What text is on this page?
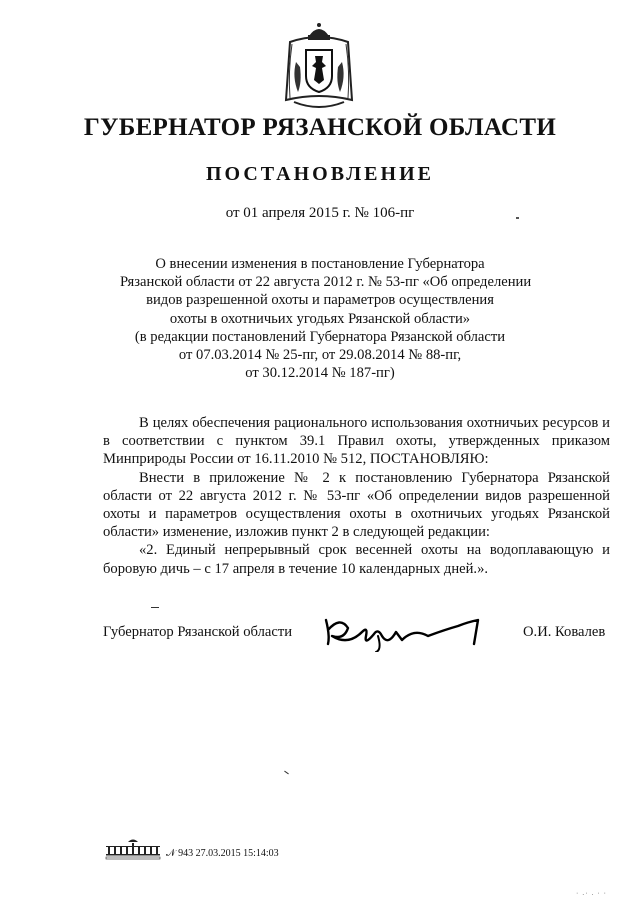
ГУБЕРНАТОР РЯЗАНСКОЙ ОБЛАСТИ
ПОСТАНОВЛЕНИЕ
от 01 апреля 2015 г. № 106-пг
О внесении изменения в постановление Губернатора
Рязанской области от 22 августа 2012 г. № 53-пг «Об определении
видов разрешенной охоты и параметров осуществления
охоты в охотничьих угодьях Рязанской области»
(в редакции постановлений Губернатора Рязанской области
от 07.03.2014 № 25-пг, от 29.08.2014 № 88-пг,
от 30.12.2014 № 187-пг)

В целях обеспечения рационального использования охотничьих ресурсов и в соответствии с пунктом 39.1 Правил охоты, утвержденных приказом Минприроды России от 16.11.2010 № 512, ПОСТАНОВЛЯЮ:

Внести в приложение № 2 к постановлению Губернатора Рязанской области от 22 августа 2012 г. № 53-пг «Об определении видов разрешенной охоты и параметров осуществления охоты в охотничьих угодьях Рязанской области» изменение, изложив пункт 2 в следующей редакции:

«2. Единый непрерывный срок весенней охоты на водоплавающую и боровую дичь – с 17 апреля в течение 10 календарных дней.».

Губернатор Рязанской области	О.И. Ковалев
𝒩 943 27.03.2015 15:14:03
· .· . · ·
